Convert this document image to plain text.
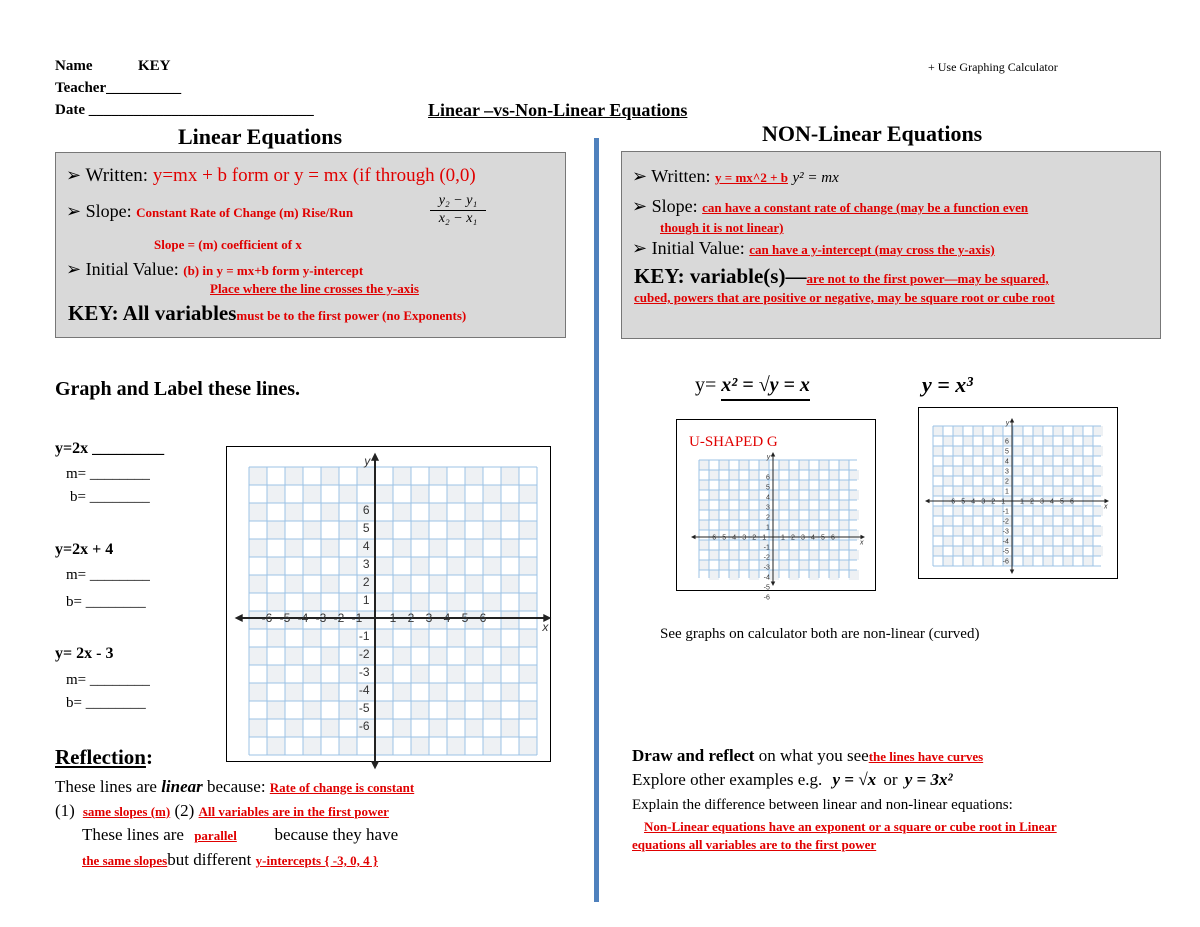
Name	KEY
Teacher__________
Date ______________________________	Linear –vs-Non-Linear Equations
+ Use Graphing Calculator
Linear Equations
➢ Written: y=mx + b form or y = mx (if through (0,0)
➢ Slope: Constant Rate of Change (m) Rise/Run	$\frac{\text{y₂ − y₁}}{\text{x₂ − x₁}}$
Slope = (m) coefficient of x
➢ Initial Value: (b) in y = mx+b form y-intercept
Place where the line crosses the y-axis
KEY: All variablesmust be to the first power (no Exponents)
NON-Linear Equations
➢ Written: y = mx^2 + b y² = mx
➢ Slope: can have a constant rate of change (may be a function even
though it is not linear)
➢ Initial Value: can have a y-intercept (may cross the y-axis)
KEY: variable(s)—are not to the first power—may be squared,
cubed, powers that are positive or negative, may be square root or cube root
Graph and Label these lines.
y=2x _________
m= ________
b= ________
y=2x + 4
m= ________
b= ________
y= 2x - 3
m= ________
b= ________
-6 -5 -4 -3 -2 -1 1 2 3 4 5 6
6
5
4
3
2
1
-1
-2
-3
-4
-5
-6
x
y
y= x² = √y = x	y = x³
U-SHAPED G
-6 -5 -4 -3 -2 -1 1 2 3 4 5 6
6
5
4
3
2
1
-1
-2
-3
-4
-5
-6
x
y
-6 -5 -4 -3 -2 -1 1 2 3 4 5 6
6
5
4
3
2
1
-1
-2
-3
-4
-5
-6
x
y
See graphs on calculator both are non-linear (curved)
Reflection:
These lines are linear because: Rate of change is constant
(1) same slopes (m) (2) All variables are in the first power
These lines are parallel because they have
the same slopesbut different y-intercepts { -3, 0, 4 }
Draw and reflect on what you seethe lines have curves
Explore other examples e.g. y = √x or y = 3x²
Explain the difference between linear and non-linear equations:
Non-Linear equations have an exponent or a square or cube root in Linear
equations all variables are to the first power
